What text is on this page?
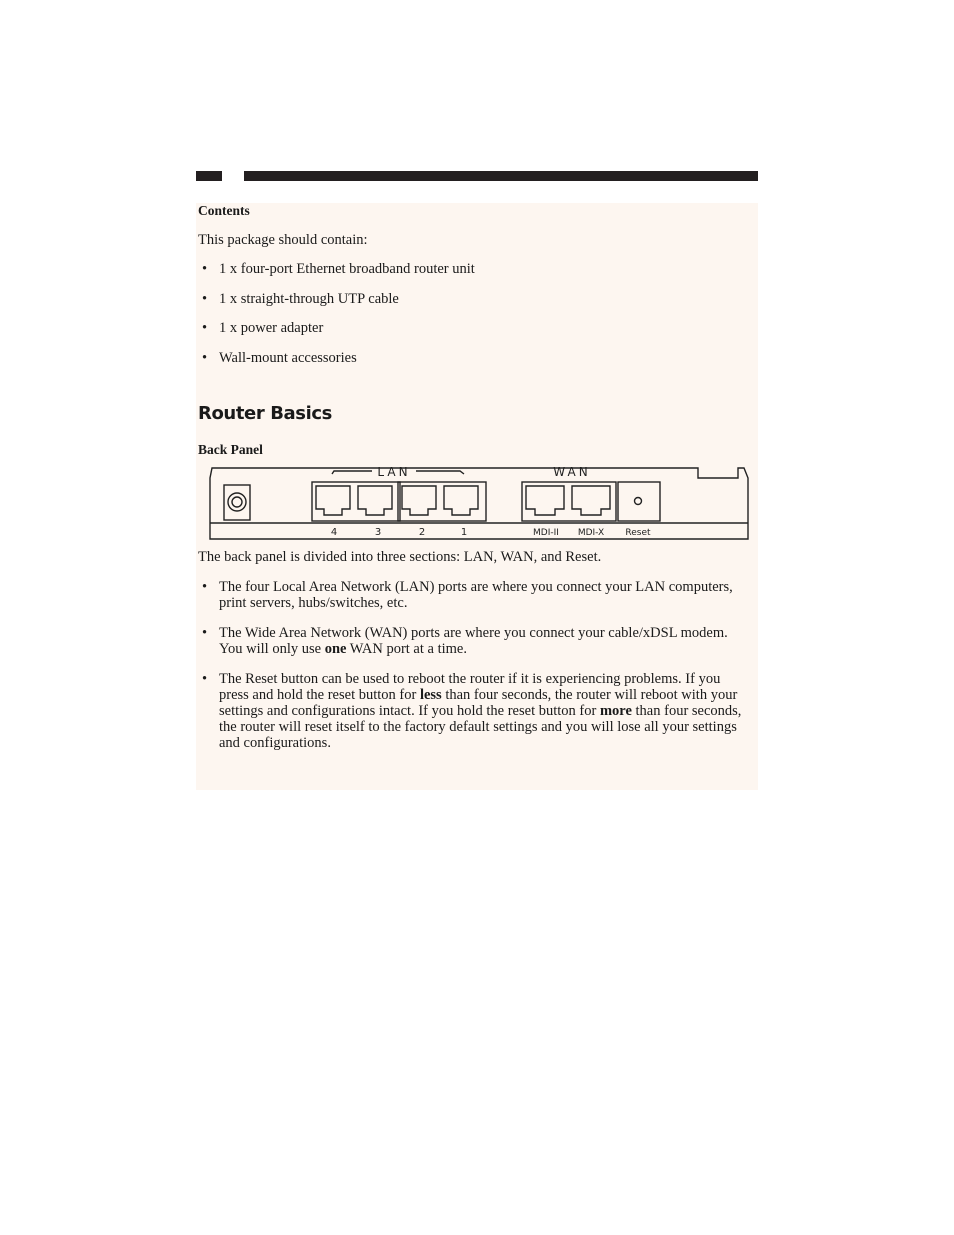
Contents

This package should contain:

• 1 x four-port Ethernet broadband router unit
• 1 x straight-through UTP cable
• 1 x power adapter
• Wall-mount accessories
Router Basics
Back Panel
LAN	WAN
4	3	2	1	MDI-II MDI-X Reset

The back panel is divided into three sections: LAN, WAN, and Reset.

• The four Local Area Network (LAN) ports are where you connect your LAN computers, print servers, hubs/switches, etc.
• The Wide Area Network (WAN) ports are where you connect your cable/xDSL modem. You will only use one WAN port at a time.
• The Reset button can be used to reboot the router if it is experiencing problems. If you press and hold the reset button for less than four seconds, the router will reboot with your settings and configurations intact. If you hold the reset button for more than four seconds, the router will reset itself to the factory default settings and you will lose all your settings and configurations.
